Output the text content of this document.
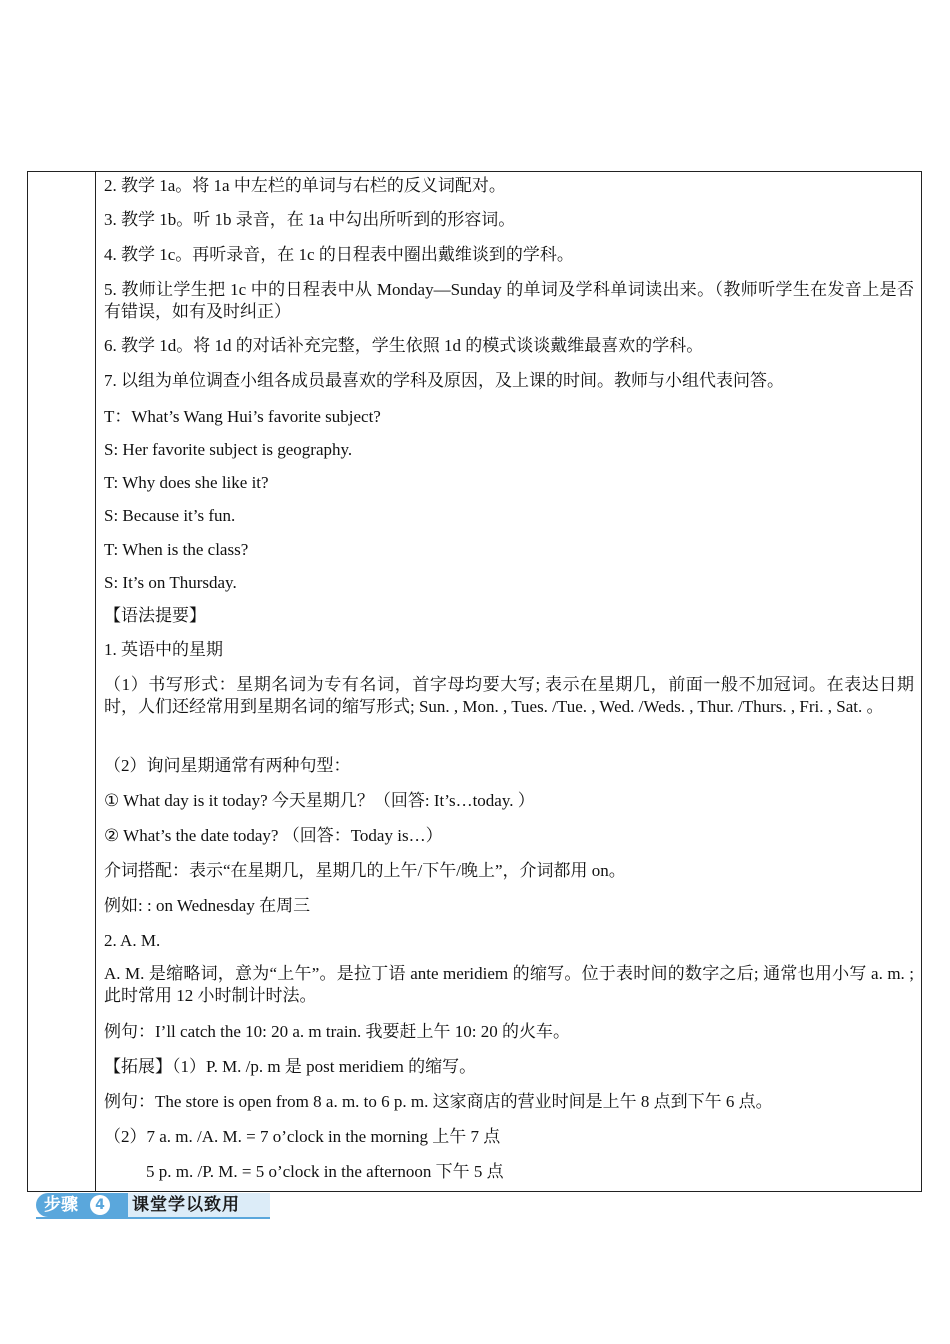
2. 教学 1a。将 1a 中左栏的单词与右栏的反义词配对。
3. 教学 1b。听 1b 录音，在 1a 中勾出所听到的形容词。
4. 教学 1c。再听录音，在 1c 的日程表中圈出戴维谈到的学科。
5. 教师让学生把 1c 中的日程表中从 Monday—Sunday 的单词及学科单词读出来。（教师听学生在发音上是否有错误，如有及时纠正）
6. 教学 1d。将 1d 的对话补充完整，学生依照 1d 的模式谈谈戴维最喜欢的学科。
7. 以组为单位调查小组各成员最喜欢的学科及原因，及上课的时间。教师与小组代表问答。
T：What’s Wang Hui’s favorite subject?
S: Her favorite subject is geography.
T: Why does she like it?
S: Because it’s fun.
T: When is the class?
S: It’s on Thursday.
【语法提要】
1. 英语中的星期
（1）书写形式：星期名词为专有名词，首字母均要大写; 表示在星期几，前面一般不加冠词。在表达日期时，人们还经常用到星期名词的缩写形式; Sun. , Mon. , Tues. /Tue. , Wed. /Weds. , Thur. /Thurs. , Fri. , Sat. 。
（2）询问星期通常有两种句型：
① What day is it today? 今天星期几？（回答: It’s…today. ）
② What’s the date today? （回答：Today is…）
介词搭配：表示“在星期几，星期几的上午/下午/晚上”，介词都用 on。
例如: : on Wednesday 在周三
2. A. M.
A. M. 是缩略词，意为“上午”。是拉丁语 ante meridiem 的缩写。位于表时间的数字之后; 通常也用小写 a. m. ; 此时常用 12 小时制计时法。
例句：I’ll catch the 10: 20 a. m train. 我要赶上午 10: 20 的火车。
【拓展】（1）P. M. /p. m 是 post meridiem 的缩写。
例句：The store is open from 8 a. m. to 6 p. m. 这家商店的营业时间是上午 8 点到下午 6 点。
（2）7 a. m. /A. M. = 7 o’clock in the morning 上午 7 点
5 p. m. /P. M. = 5 o’clock in the afternoon 下午 5 点
步骤	4	课堂学以致用
